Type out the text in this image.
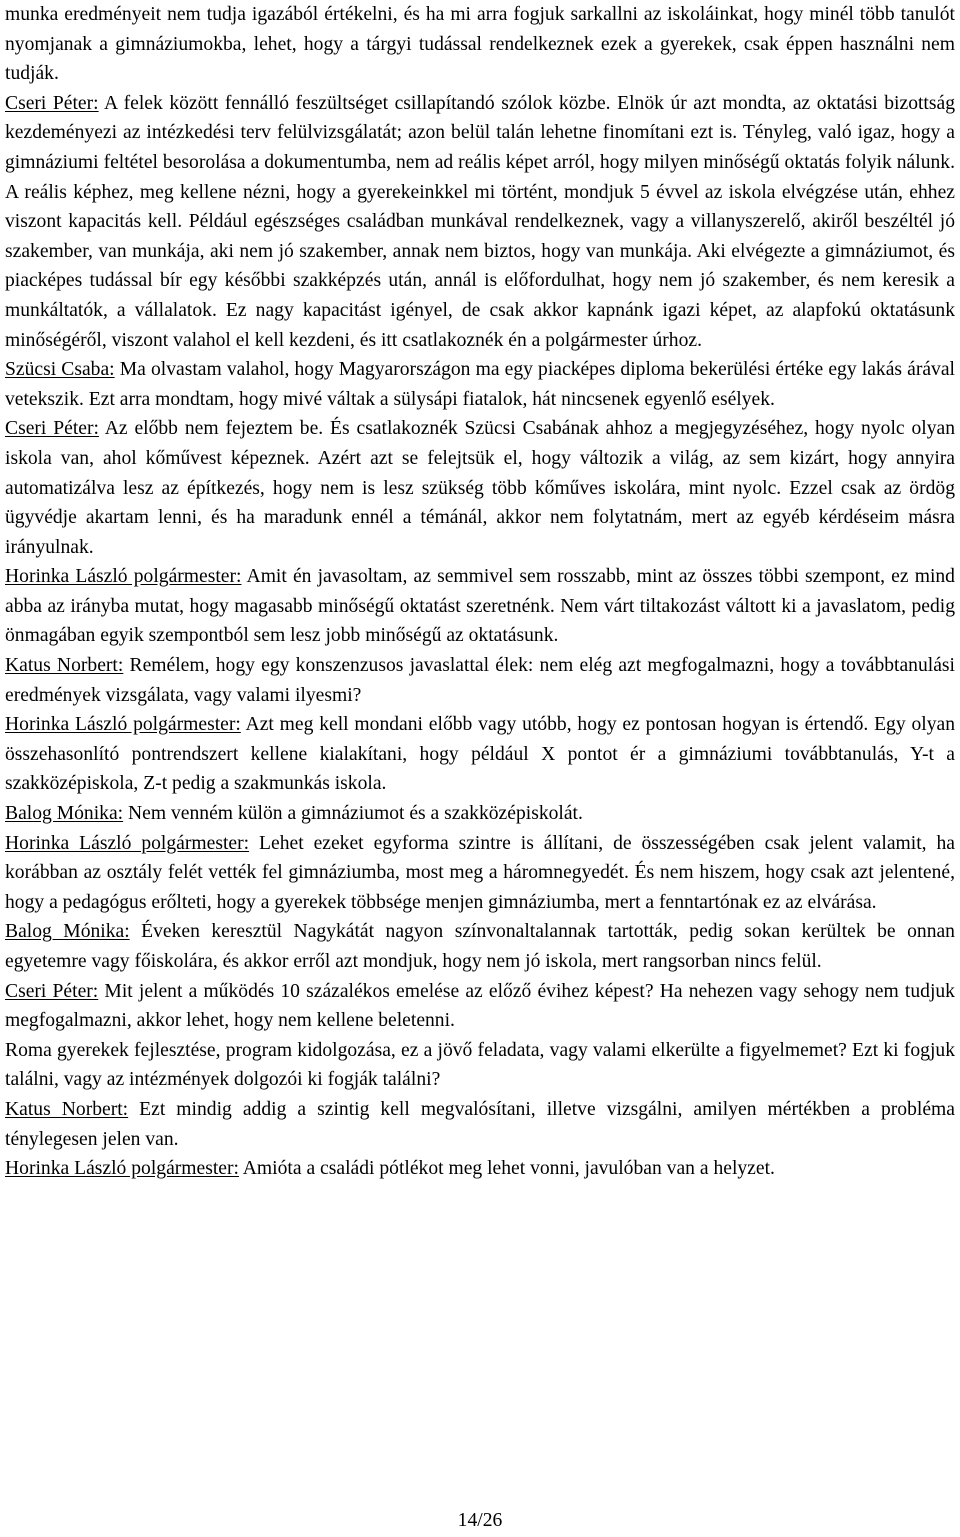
munka eredményeit nem tudja igazából értékelni, és ha mi arra fogjuk sarkallni az iskoláinkat, hogy minél több tanulót nyomjanak a gimnáziumokba, lehet, hogy a tárgyi tudással rendelkeznek ezek a gyerekek, csak éppen használni nem tudják.

Cseri Péter: A felek között fennálló feszültséget csillapítandó szólok közbe. Elnök úr azt mondta, az oktatási bizottság kezdeményezi az intézkedési terv felülvizsgálatát; azon belül talán lehetne finomítani ezt is. Tényleg, való igaz, hogy a gimnáziumi feltétel besorolása a dokumentumba, nem ad reális képet arról, hogy milyen minőségű oktatás folyik nálunk. A reális képhez, meg kellene nézni, hogy a gyerekeinkkel mi történt, mondjuk 5 évvel az iskola elvégzése után, ehhez viszont kapacitás kell. Például egészséges családban munkával rendelkeznek, vagy a villanyszerelő, akiről beszéltél jó szakember, van munkája, aki nem jó szakember, annak nem biztos, hogy van munkája. Aki elvégezte a gimnáziumot, és piacképes tudással bír egy későbbi szakképzés után, annál is előfordulhat, hogy nem jó szakember, és nem keresik a munkáltatók, a vállalatok. Ez nagy kapacitást igényel, de csak akkor kapnánk igazi képet, az alapfokú oktatásunk minőségéről, viszont valahol el kell kezdeni, és itt csatlakoznék én a polgármester úrhoz.

Szücsi Csaba: Ma olvastam valahol, hogy Magyarországon ma egy piacképes diploma bekerülési értéke egy lakás árával vetekszik. Ezt arra mondtam, hogy mivé váltak a sülysápi fiatalok, hát nincsenek egyenlő esélyek.

Cseri Péter: Az előbb nem fejeztem be. És csatlakoznék Szücsi Csabának ahhoz a megjegyzéséhez, hogy nyolc olyan iskola van, ahol kőművest képeznek. Azért azt se felejtsük el, hogy változik a világ, az sem kizárt, hogy annyira automatizálva lesz az építkezés, hogy nem is lesz szükség több kőműves iskolára, mint nyolc. Ezzel csak az ördög ügyvédje akartam lenni, és ha maradunk ennél a témánál, akkor nem folytatnám, mert az egyéb kérdéseim másra irányulnak.

Horinka László polgármester: Amit én javasoltam, az semmivel sem rosszabb, mint az összes többi szempont, ez mind abba az irányba mutat, hogy magasabb minőségű oktatást szeretnénk. Nem várt tiltakozást váltott ki a javaslatom, pedig önmagában egyik szempontból sem lesz jobb minőségű az oktatásunk.

Katus Norbert: Remélem, hogy egy konszenzusos javaslattal élek: nem elég azt megfogalmazni, hogy a továbbtanulási eredmények vizsgálata, vagy valami ilyesmi?

Horinka László polgármester: Azt meg kell mondani előbb vagy utóbb, hogy ez pontosan hogyan is értendő. Egy olyan összehasonlító pontrendszert kellene kialakítani, hogy például X pontot ér a gimnáziumi továbbtanulás, Y-t a szakközépiskola, Z-t pedig a szakmunkás iskola.

Balog Mónika: Nem venném külön a gimnáziumot és a szakközépiskolát.

Horinka László polgármester: Lehet ezeket egyforma szintre is állítani, de összességében csak jelent valamit, ha korábban az osztály felét vették fel gimnáziumba, most meg a háromnegyedét. És nem hiszem, hogy csak azt jelentené, hogy a pedagógus erőlteti, hogy a gyerekek többsége menjen gimnáziumba, mert a fenntartónak ez az elvárása.

Balog Mónika: Éveken keresztül Nagykátát nagyon színvonaltalannak tartották, pedig sokan kerültek be onnan egyetemre vagy főiskolára, és akkor erről azt mondjuk, hogy nem jó iskola, mert rangsorban nincs felül.

Cseri Péter: Mit jelent a működés 10 százalékos emelése az előző évihez képest? Ha nehezen vagy sehogy nem tudjuk megfogalmazni, akkor lehet, hogy nem kellene beletenni.

Roma gyerekek fejlesztése, program kidolgozása, ez a jövő feladata, vagy valami elkerülte a figyelmemet? Ezt ki fogjuk találni, vagy az intézmények dolgozói ki fogják találni?

Katus Norbert: Ezt mindig addig a szintig kell megvalósítani, illetve vizsgálni, amilyen mértékben a probléma ténylegesen jelen van.

Horinka László polgármester: Amióta a családi pótlékot meg lehet vonni, javulóban van a helyzet.

14/26
